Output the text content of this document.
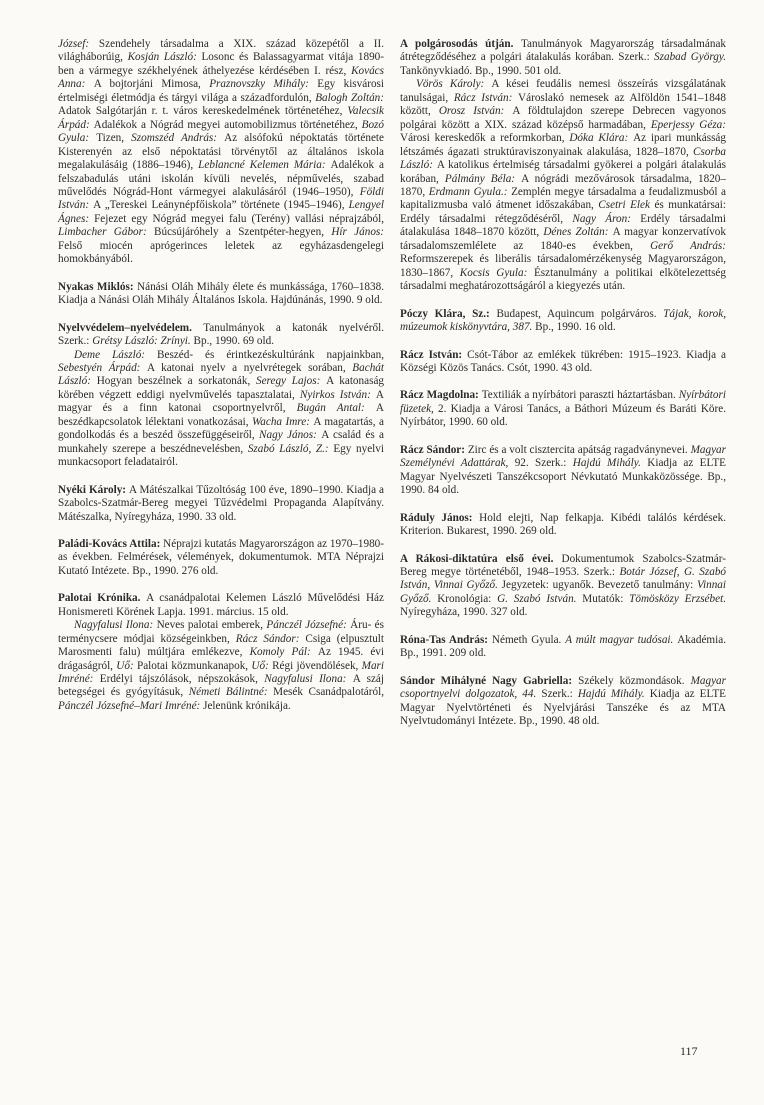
József: Szendehely társadalma a XIX. század közepétől a II. világháborúig, Kosján László: Losonc és Balassagyarmat vitája 1890-ben a vármegye székhelyének áthelyezése kérdésében I. rész, Kovács Anna: A bojtorjáni Mimosa, Praznovszky Mihály: Egy kisvárosi értelmiségi életmódja és tárgyi világa a századfordulón, Balogh Zoltán: Adatok Salgótarján r. t. város kereskedelmének történetéhez, Valecsik Árpád: Adalékok a Nógrád megyei automobilizmus történetéhez, Bozó Gyula: Tizen, Szomszéd András: Az alsófokú népoktatás története Kisterenyén az első népoktatási törvénytől az általános iskola megalakulásáig (1886–1946), Leblancné Kelemen Mária: Adalékok a felszabadulás utáni iskolán kívüli nevelés, népművelés, szabad művelődés Nógrád-Hont vármegyei alakulásáról (1946–1950), Földi István: A „Tereskei Leánynépfőiskola” története (1945–1946), Lengyel Ágnes: Fejezet egy Nógrád megyei falu (Terény) vallási néprajzából, Limbacher Gábor: Búcsújáróhely a Szentpéter-hegyen, Hír János: Felső miocén aprógerinces leletek az egyházasdengelegi homokbányából.

Nyakas Miklós: Nánási Oláh Mihály élete és munkássága, 1760–1838. Kiadja a Nánási Oláh Mihály Általános Iskola. Hajdúnánás, 1990. 9 old.

Nyelvvédelem–nyelvédelem. Tanulmányok a katonák nyelvéről. Szerk.: Grétsy László: Zrínyi. Bp., 1990. 69 old.

Deme László: Beszéd- és érintkezéskultúránk napjainkban, Sebestyén Árpád: A katonai nyelv a nyelvrétegek sorában, Bachát László: Hogyan beszélnek a sorkatonák, Seregy Lajos: A katonaság körében végzett eddigi nyelvművelés tapasztalatai, Nyirkos István: A magyar és a finn katonai csoportnyelvről, Bugán Antal: A beszédkapcsolatok lélektani vonatkozásai, Wacha Imre: A magatartás, a gondolkodás és a beszéd összefüggéseiről, Nagy János: A család és a munkahely szerepe a beszédnevelésben, Szabó László, Z.: Egy nyelvi munkacsoport feladatairól.

Nyéki Károly: A Mátészalkai Tűzoltóság 100 éve, 1890–1990. Kiadja a Szabolcs-Szatmár-Bereg megyei Tűzvédelmi Propaganda Alapítvány. Mátészalka, Nyíregyháza, 1990. 33 old.

Paládi-Kovács Attila: Néprajzi kutatás Magyarországon az 1970–1980-as években. Felmérések, vélemények, dokumentumok. MTA Néprajzi Kutató Intézete. Bp., 1990. 276 old.

Palotai Krónika. A csanádpalotai Kelemen László Művelődési Ház Honismereti Körének Lapja. 1991. március. 15 old.

Nagyfalusi Ilona: Neves palotai emberek, Pánczél Józsefné: Áru- és terménycsere módjai községeinkben, Rácz Sándor: Csiga (elpusztult Marosmenti falu) múltjára emlékezve, Komoly Pál: Az 1945. évi drágaságról, Uő: Palotai közmunkanapok, Uő: Régi jövendölések, Mari Imréné: Erdélyi tájszólások, népszokások, Nagyfalusi Ilona: A száj betegségei és gyógyításuk, Németi Bálintné: Mesék Csanádpalotáról, Pánczél Józsefné–Mari Imréné: Jelenünk krónikája.

A polgárosodás útján. Tanulmányok Magyarország társadalmának átrétegződéséhez a polgári átalakulás korában. Szerk.: Szabad György. Tankönyvkiadó. Bp., 1990. 501 old.

Vörös Károly: A kései feudális nemesi összeírás vizsgálatának tanulságai, Rácz István: Városlakó nemesek az Alföldön 1541–1848 között, Orosz István: A földtulajdon szerepe Debrecen vagyonos polgárai között a XIX. század középső harmadában, Eperjessy Géza: Városi kereskedők a reformkorban, Dóka Klára: Az ipari munkásság létszámés ágazati struktúraviszonyainak alakulása, 1828–1870, Csorba László: A katolikus értelmiség társadalmi gyökerei a polgári átalakulás korában, Pálmány Béla: A nógrádi mezővárosok társadalma, 1820–1870, Erdmann Gyula.: Zemplén megye társadalma a feudalizmusból a kapitalizmusba való átmenet időszakában, Csetri Elek és munkatársai: Erdély társadalmi rétegződéséről, Nagy Áron: Erdély társadalmi átalakulása 1848–1870 között, Dénes Zoltán: A magyar konzervatívok társadalomszemlélete az 1840-es években, Gerő András: Reformszerepek és liberális társadalomérzékenység Magyarországon, 1830–1867, Kocsis Gyula: Észtanulmány a politikai elkötelezettség társadalmi meghatározottságáról a kiegyezés után.

Póczy Klára, Sz.: Budapest, Aquincum polgárváros. Tájak, korok, múzeumok kiskönyvtára, 387. Bp., 1990. 16 old.

Rácz István: Csót-Tábor az emlékek tükrében: 1915–1923. Kiadja a Községi Közös Tanács. Csót, 1990. 43 old.

Rácz Magdolna: Textiliák a nyírbátori paraszti háztartásban. Nyírbátori füzetek, 2. Kiadja a Városi Tanács, a Báthori Múzeum és Baráti Köre. Nyírbátor, 1990. 60 old.

Rácz Sándor: Zirc és a volt cisztercita apátság ragadványnevei. Magyar Személynévi Adattárak, 92. Szerk.: Hajdú Mihály. Kiadja az ELTE Magyar Nyelvészeti Tanszékcsoport Névkutató Munkaközössége. Bp., 1990. 84 old.

Ráduly János: Hold elejti, Nap felkapja. Kibédi találós kérdések. Kriterion. Bukarest, 1990. 269 old.

A Rákosi-diktatúra első évei. Dokumentumok Szabolcs-Szatmár-Bereg megye történetéből, 1948–1953. Szerk.: Botár József, G. Szabó István, Vinnai Győző. Jegyzetek: ugyanők. Bevezető tanulmány: Vinnai Győző. Kronológia: G. Szabó István. Mutatók: Tömösközy Erzsébet. Nyíregyháza, 1990. 327 old.

Róna-Tas András: Németh Gyula. A múlt magyar tudósai. Akadémia. Bp., 1991. 209 old.

Sándor Mihályné Nagy Gabriella: Székely közmondások. Magyar csoportnyelvi dolgozatok, 44. Szerk.: Hajdú Mihály. Kiadja az ELTE Magyar Nyelvtörténeti és Nyelvjárási Tanszéke és az MTA Nyelvtudományi Intézete. Bp., 1990. 48 old.

117
